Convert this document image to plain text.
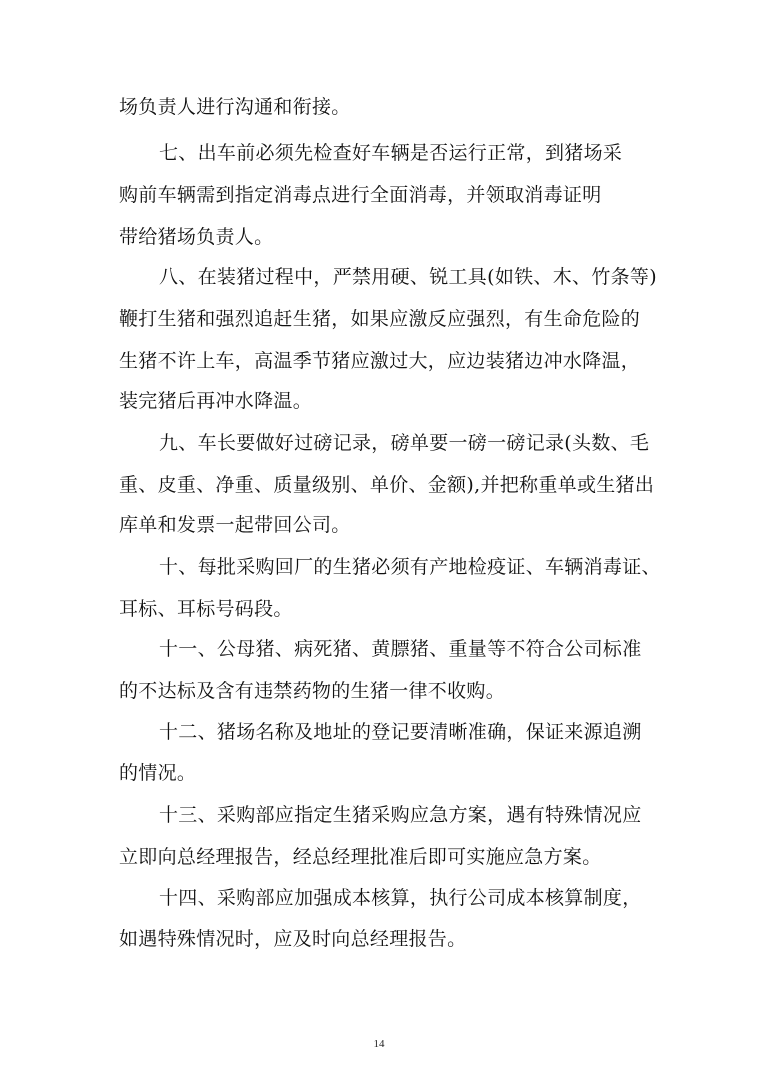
场负责人进行沟通和衔接。
七、出车前必须先检查好车辆是否运行正常，到猪场采
购前车辆需到指定消毒点进行全面消毒，并领取消毒证明
带给猪场负责人。
八、在装猪过程中，严禁用硬、锐工具(如铁、木、竹条等)
鞭打生猪和强烈追赶生猪，如果应激反应强烈，有生命危险的
生猪不许上车，高温季节猪应激过大，应边装猪边冲水降温，
装完猪后再冲水降温。
九、车长要做好过磅记录，磅单要一磅一磅记录(头数、毛
重、皮重、净重、质量级别、单价、金额),并把称重单或生猪出
库单和发票一起带回公司。
十、每批采购回厂的生猪必须有产地检疫证、车辆消毒证、
耳标、耳标号码段。
十一、公母猪、病死猪、黄膘猪、重量等不符合公司标准
的不达标及含有违禁药物的生猪一律不收购。
十二、猪场名称及地址的登记要清晰准确，保证来源追溯
的情况。
十三、采购部应指定生猪采购应急方案，遇有特殊情况应
立即向总经理报告，经总经理批准后即可实施应急方案。
十四、采购部应加强成本核算，执行公司成本核算制度，
如遇特殊情况时，应及时向总经理报告。
14
